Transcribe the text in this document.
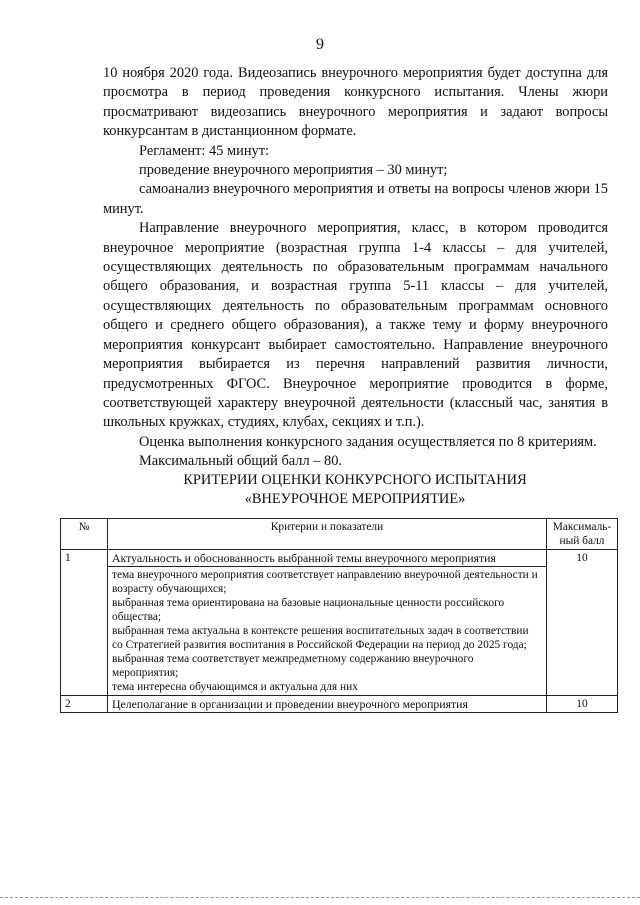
9

10 ноября 2020 года. Видеозапись внеурочного мероприятия будет доступна для просмотра в период проведения конкурсного испытания. Члены жюри просматривают видеозапись внеурочного мероприятия и задают вопросы конкурсантам в дистанционном формате.

Регламент: 45 минут:

проведение внеурочного мероприятия – 30 минут;

самоанализ внеурочного мероприятия и ответы на вопросы членов жюри 15 минут.

Направление внеурочного мероприятия, класс, в котором проводится внеурочное мероприятие (возрастная группа 1-4 классы – для учителей, осуществляющих деятельность по образовательным программам начального общего образования, и возрастная группа 5-11 классы – для учителей, осуществляющих деятельность по образовательным программам основного общего и среднего общего образования), а также тему и форму внеурочного мероприятия конкурсант выбирает самостоятельно. Направление внеурочного мероприятия выбирается из перечня направлений развития личности, предусмотренных ФГОС. Внеурочное мероприятие проводится в форме, соответствующей характеру внеурочной деятельности (классный час, занятия в школьных кружках, студиях, клубах, секциях и т.п.).

Оценка выполнения конкурсного задания осуществляется по 8 критериям.

Максимальный общий балл – 80.

КРИТЕРИИ ОЦЕНКИ КОНКУРСНОГО ИСПЫТАНИЯ
«ВНЕУРОЧНОЕ МЕРОПРИЯТИЕ»
№	Критерии и показатели	Максималь-ный балл
1	Актуальность и обоснованность выбранной темы внеурочного мероприятия	10

	тема внеурочного мероприятия соответствует направлению внеурочной деятельности и возрасту обучающихся;
выбранная тема ориентирована на базовые национальные ценности российского общества;
выбранная тема актуальна в контексте решения воспитательных задач в соответствии со Стратегией развития воспитания в Российской Федерации на период до 2025 года;
выбранная тема соответствует межпредметному содержанию внеурочного мероприятия;
тема интересна обучающимся и актуальна для них	

2	Целеполагание в организации и проведении внеурочного мероприятия	10
